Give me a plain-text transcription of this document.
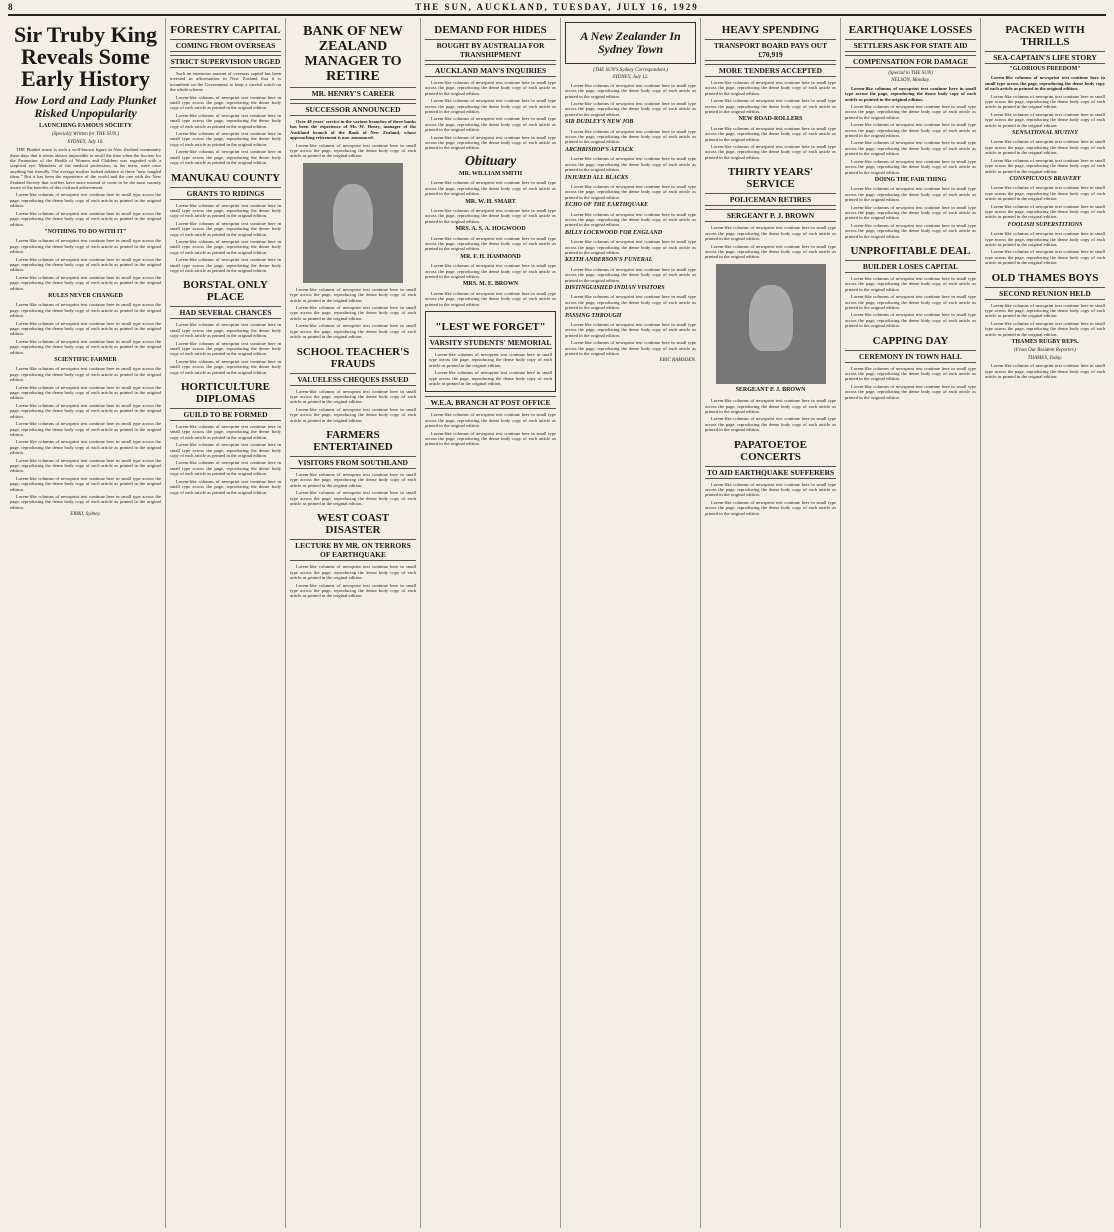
8	THE SUN, AUCKLAND, TUESDAY, JULY 16, 1929
Sir Truby King Reveals Some Early History
How Lord and Lady Plunket Risked Unpopularity
LAUNCHING FAMOUS SOCIETY
(Specially Written for THE SUN.)
SYDNEY, July 10.

THE Plunket nurse is such a well-known figure in New Zealand community these days that it seems almost impossible to recall the time when the Society for the Promotion of the Health of Women and Children was regarded with a sceptical eye. Members of the medical profession, in the main, were once anything but friendly. The average mother looked askance at these "new fangled ideas." But it has been the experience of the world and the one with the New Zealand Society that scoffers have since instead of come to be the most warmly aware of the benefits of this civilised achievement.

Lorem-like columns of newsprint text continue here in small type across the page, reproducing the dense body copy of each article as printed in the original edition.

Lorem-like columns of newsprint text continue here in small type across the page, reproducing the dense body copy of each article as printed in the original edition.

"NOTHING TO DO WITH IT"

Lorem-like columns of newsprint text continue here in small type across the page, reproducing the dense body copy of each article as printed in the original edition.

Lorem-like columns of newsprint text continue here in small type across the page, reproducing the dense body copy of each article as printed in the original edition.

Lorem-like columns of newsprint text continue here in small type across the page, reproducing the dense body copy of each article as printed in the original edition.

RULES NEVER CHANGED

Lorem-like columns of newsprint text continue here in small type across the page, reproducing the dense body copy of each article as printed in the original edition.

Lorem-like columns of newsprint text continue here in small type across the page, reproducing the dense body copy of each article as printed in the original edition.

Lorem-like columns of newsprint text continue here in small type across the page, reproducing the dense body copy of each article as printed in the original edition.

SCIENTIFIC FARMER

Lorem-like columns of newsprint text continue here in small type across the page, reproducing the dense body copy of each article as printed in the original edition.

Lorem-like columns of newsprint text continue here in small type across the page, reproducing the dense body copy of each article as printed in the original edition.

Lorem-like columns of newsprint text continue here in small type across the page, reproducing the dense body copy of each article as printed in the original edition.

Lorem-like columns of newsprint text continue here in small type across the page, reproducing the dense body copy of each article as printed in the original edition.

Lorem-like columns of newsprint text continue here in small type across the page, reproducing the dense body copy of each article as printed in the original edition.

Lorem-like columns of newsprint text continue here in small type across the page, reproducing the dense body copy of each article as printed in the original edition.

Lorem-like columns of newsprint text continue here in small type across the page, reproducing the dense body copy of each article as printed in the original edition.

Lorem-like columns of newsprint text continue here in small type across the page, reproducing the dense body copy of each article as printed in the original edition.

ERIKI, Sydney.
FORESTRY CAPITAL
COMING FROM OVERSEAS
STRICT SUPERVISION URGED

Such an enormous amount of overseas capital has been invested in afforestation in New Zealand that it is incumbent on the Government to keep a careful watch on the whole scheme.

Lorem-like columns of newsprint text continue here in small type across the page, reproducing the dense body copy of each article as printed in the original edition.

Lorem-like columns of newsprint text continue here in small type across the page, reproducing the dense body copy of each article as printed in the original edition.

Lorem-like columns of newsprint text continue here in small type across the page, reproducing the dense body copy of each article as printed in the original edition.

Lorem-like columns of newsprint text continue here in small type across the page, reproducing the dense body copy of each article as printed in the original edition.

MANUKAU COUNTY
GRANTS TO RIDINGS

Lorem-like columns of newsprint text continue here in small type across the page, reproducing the dense body copy of each article as printed in the original edition.

Lorem-like columns of newsprint text continue here in small type across the page, reproducing the dense body copy of each article as printed in the original edition.

Lorem-like columns of newsprint text continue here in small type across the page, reproducing the dense body copy of each article as printed in the original edition.

Lorem-like columns of newsprint text continue here in small type across the page, reproducing the dense body copy of each article as printed in the original edition.

BORSTAL ONLY PLACE
HAD SEVERAL CHANCES

Lorem-like columns of newsprint text continue here in small type across the page, reproducing the dense body copy of each article as printed in the original edition.

Lorem-like columns of newsprint text continue here in small type across the page, reproducing the dense body copy of each article as printed in the original edition.

Lorem-like columns of newsprint text continue here in small type across the page, reproducing the dense body copy of each article as printed in the original edition.

HORTICULTURE DIPLOMAS
GUILD TO BE FORMED

Lorem-like columns of newsprint text continue here in small type across the page, reproducing the dense body copy of each article as printed in the original edition.

Lorem-like columns of newsprint text continue here in small type across the page, reproducing the dense body copy of each article as printed in the original edition.

Lorem-like columns of newsprint text continue here in small type across the page, reproducing the dense body copy of each article as printed in the original edition.

Lorem-like columns of newsprint text continue here in small type across the page, reproducing the dense body copy of each article as printed in the original edition.

BANK OF NEW ZEALAND MANAGER TO RETIRE
MR. HENRY'S CAREER
SUCCESSOR ANNOUNCED

Over 48 years' service in the various branches of three banks has been the experience of Mr. W. Henry, manager of the Auckland branch of the Bank of New Zealand, whose approaching retirement is now announced.

Lorem-like columns of newsprint text continue here in small type across the page, reproducing the dense body copy of each article as printed in the original edition.

Lorem-like columns of newsprint text continue here in small type across the page, reproducing the dense body copy of each article as printed in the original edition.

Lorem-like columns of newsprint text continue here in small type across the page, reproducing the dense body copy of each article as printed in the original edition.

Lorem-like columns of newsprint text continue here in small type across the page, reproducing the dense body copy of each article as printed in the original edition.

SCHOOL TEACHER'S FRAUDS
VALUELESS CHEQUES ISSUED

Lorem-like columns of newsprint text continue here in small type across the page, reproducing the dense body copy of each article as printed in the original edition.

Lorem-like columns of newsprint text continue here in small type across the page, reproducing the dense body copy of each article as printed in the original edition.

FARMERS ENTERTAINED
VISITORS FROM SOUTHLAND

Lorem-like columns of newsprint text continue here in small type across the page, reproducing the dense body copy of each article as printed in the original edition.

Lorem-like columns of newsprint text continue here in small type across the page, reproducing the dense body copy of each article as printed in the original edition.

WEST COAST DISASTER
LECTURE BY MR. ON TERRORS OF EARTHQUAKE

Lorem-like columns of newsprint text continue here in small type across the page, reproducing the dense body copy of each article as printed in the original edition.

Lorem-like columns of newsprint text continue here in small type across the page, reproducing the dense body copy of each article as printed in the original edition.

DEMAND FOR HIDES
BOUGHT BY AUSTRALIA FOR TRANSHIPMENT
AUCKLAND MAN'S INQUIRIES

Lorem-like columns of newsprint text continue here in small type across the page, reproducing the dense body copy of each article as printed in the original edition.

Lorem-like columns of newsprint text continue here in small type across the page, reproducing the dense body copy of each article as printed in the original edition.

Lorem-like columns of newsprint text continue here in small type across the page, reproducing the dense body copy of each article as printed in the original edition.

Lorem-like columns of newsprint text continue here in small type across the page, reproducing the dense body copy of each article as printed in the original edition.

Obituary
MR. WILLIAM SMITH

Lorem-like columns of newsprint text continue here in small type across the page, reproducing the dense body copy of each article as printed in the original edition.

MR. W. H. SMART

Lorem-like columns of newsprint text continue here in small type across the page, reproducing the dense body copy of each article as printed in the original edition.

MRS. A. S. A. HOGWOOD

Lorem-like columns of newsprint text continue here in small type across the page, reproducing the dense body copy of each article as printed in the original edition.

MR. F. H. HAMMOND

Lorem-like columns of newsprint text continue here in small type across the page, reproducing the dense body copy of each article as printed in the original edition.

MRS. M. E. BROWN

Lorem-like columns of newsprint text continue here in small type across the page, reproducing the dense body copy of each article as printed in the original edition.

"LEST WE FORGET"
VARSITY STUDENTS' MEMORIAL

Lorem-like columns of newsprint text continue here in small type across the page, reproducing the dense body copy of each article as printed in the original edition.

Lorem-like columns of newsprint text continue here in small type across the page, reproducing the dense body copy of each article as printed in the original edition.

W.E.A. BRANCH AT POST OFFICE

Lorem-like columns of newsprint text continue here in small type across the page, reproducing the dense body copy of each article as printed in the original edition.

Lorem-like columns of newsprint text continue here in small type across the page, reproducing the dense body copy of each article as printed in the original edition.

A New Zealander In Sydney Town
(THE SUN'S Sydney Correspondent.)
SYDNEY, July 12.

Lorem-like columns of newsprint text continue here in small type across the page, reproducing the dense body copy of each article as printed in the original edition.

Lorem-like columns of newsprint text continue here in small type across the page, reproducing the dense body copy of each article as printed in the original edition.

SIR DUDLEY'S NEW JOB

Lorem-like columns of newsprint text continue here in small type across the page, reproducing the dense body copy of each article as printed in the original edition.

ARCHBISHOP'S ATTACK

Lorem-like columns of newsprint text continue here in small type across the page, reproducing the dense body copy of each article as printed in the original edition.

INJURED ALL BLACKS

Lorem-like columns of newsprint text continue here in small type across the page, reproducing the dense body copy of each article as printed in the original edition.

ECHO OF THE EARTHQUAKE

Lorem-like columns of newsprint text continue here in small type across the page, reproducing the dense body copy of each article as printed in the original edition.

BILLY LOCKWOOD FOR ENGLAND

Lorem-like columns of newsprint text continue here in small type across the page, reproducing the dense body copy of each article as printed in the original edition.

KEITH ANDERSON'S FUNERAL

Lorem-like columns of newsprint text continue here in small type across the page, reproducing the dense body copy of each article as printed in the original edition.

DISTINGUISHED INDIAN VISITORS

Lorem-like columns of newsprint text continue here in small type across the page, reproducing the dense body copy of each article as printed in the original edition.

PASSING THROUGH

Lorem-like columns of newsprint text continue here in small type across the page, reproducing the dense body copy of each article as printed in the original edition.

Lorem-like columns of newsprint text continue here in small type across the page, reproducing the dense body copy of each article as printed in the original edition.

ERIC RAMSDEN.
HEAVY SPENDING
TRANSPORT BOARD PAYS OUT £70,919
MORE TENDERS ACCEPTED

Lorem-like columns of newsprint text continue here in small type across the page, reproducing the dense body copy of each article as printed in the original edition.

Lorem-like columns of newsprint text continue here in small type across the page, reproducing the dense body copy of each article as printed in the original edition.

NEW ROAD-ROLLERS

Lorem-like columns of newsprint text continue here in small type across the page, reproducing the dense body copy of each article as printed in the original edition.

Lorem-like columns of newsprint text continue here in small type across the page, reproducing the dense body copy of each article as printed in the original edition.

THIRTY YEARS' SERVICE
POLICEMAN RETIRES
SERGEANT P. J. BROWN

Lorem-like columns of newsprint text continue here in small type across the page, reproducing the dense body copy of each article as printed in the original edition.

Lorem-like columns of newsprint text continue here in small type across the page, reproducing the dense body copy of each article as printed in the original edition.

SERGEANT P. J. BROWN

Lorem-like columns of newsprint text continue here in small type across the page, reproducing the dense body copy of each article as printed in the original edition.

Lorem-like columns of newsprint text continue here in small type across the page, reproducing the dense body copy of each article as printed in the original edition.

PAPATOETOE CONCERTS
TO AID EARTHQUAKE SUFFERERS

Lorem-like columns of newsprint text continue here in small type across the page, reproducing the dense body copy of each article as printed in the original edition.

Lorem-like columns of newsprint text continue here in small type across the page, reproducing the dense body copy of each article as printed in the original edition.

EARTHQUAKE LOSSES
SETTLERS ASK FOR STATE AID
COMPENSATION FOR DAMAGE
(Special to THE SUN)
NELSON, Monday.

Lorem-like columns of newsprint text continue here in small type across the page, reproducing the dense body copy of each article as printed in the original edition.

Lorem-like columns of newsprint text continue here in small type across the page, reproducing the dense body copy of each article as printed in the original edition.

Lorem-like columns of newsprint text continue here in small type across the page, reproducing the dense body copy of each article as printed in the original edition.

Lorem-like columns of newsprint text continue here in small type across the page, reproducing the dense body copy of each article as printed in the original edition.

Lorem-like columns of newsprint text continue here in small type across the page, reproducing the dense body copy of each article as printed in the original edition.

DOING THE FAIR THING

Lorem-like columns of newsprint text continue here in small type across the page, reproducing the dense body copy of each article as printed in the original edition.

Lorem-like columns of newsprint text continue here in small type across the page, reproducing the dense body copy of each article as printed in the original edition.

Lorem-like columns of newsprint text continue here in small type across the page, reproducing the dense body copy of each article as printed in the original edition.

UNPROFITABLE DEAL
BUILDER LOSES CAPITAL

Lorem-like columns of newsprint text continue here in small type across the page, reproducing the dense body copy of each article as printed in the original edition.

Lorem-like columns of newsprint text continue here in small type across the page, reproducing the dense body copy of each article as printed in the original edition.

Lorem-like columns of newsprint text continue here in small type across the page, reproducing the dense body copy of each article as printed in the original edition.

CAPPING DAY
CEREMONY IN TOWN HALL

Lorem-like columns of newsprint text continue here in small type across the page, reproducing the dense body copy of each article as printed in the original edition.

Lorem-like columns of newsprint text continue here in small type across the page, reproducing the dense body copy of each article as printed in the original edition.

PACKED WITH THRILLS
SEA-CAPTAIN'S LIFE STORY
"GLORIOUS FREEDOM"

Lorem-like columns of newsprint text continue here in small type across the page, reproducing the dense body copy of each article as printed in the original edition.

Lorem-like columns of newsprint text continue here in small type across the page, reproducing the dense body copy of each article as printed in the original edition.

Lorem-like columns of newsprint text continue here in small type across the page, reproducing the dense body copy of each article as printed in the original edition.

SENSATIONAL MUTINY

Lorem-like columns of newsprint text continue here in small type across the page, reproducing the dense body copy of each article as printed in the original edition.

Lorem-like columns of newsprint text continue here in small type across the page, reproducing the dense body copy of each article as printed in the original edition.

CONSPICUOUS BRAVERY

Lorem-like columns of newsprint text continue here in small type across the page, reproducing the dense body copy of each article as printed in the original edition.

Lorem-like columns of newsprint text continue here in small type across the page, reproducing the dense body copy of each article as printed in the original edition.

FOOLISH SUPERSTITIONS

Lorem-like columns of newsprint text continue here in small type across the page, reproducing the dense body copy of each article as printed in the original edition.

Lorem-like columns of newsprint text continue here in small type across the page, reproducing the dense body copy of each article as printed in the original edition.

OLD THAMES BOYS
SECOND REUNION HELD

Lorem-like columns of newsprint text continue here in small type across the page, reproducing the dense body copy of each article as printed in the original edition.

Lorem-like columns of newsprint text continue here in small type across the page, reproducing the dense body copy of each article as printed in the original edition.

THAMES RUGBY REPS.
(From Our Resident Reporter.)
THAMES, Today.

Lorem-like columns of newsprint text continue here in small type across the page, reproducing the dense body copy of each article as printed in the original edition.
